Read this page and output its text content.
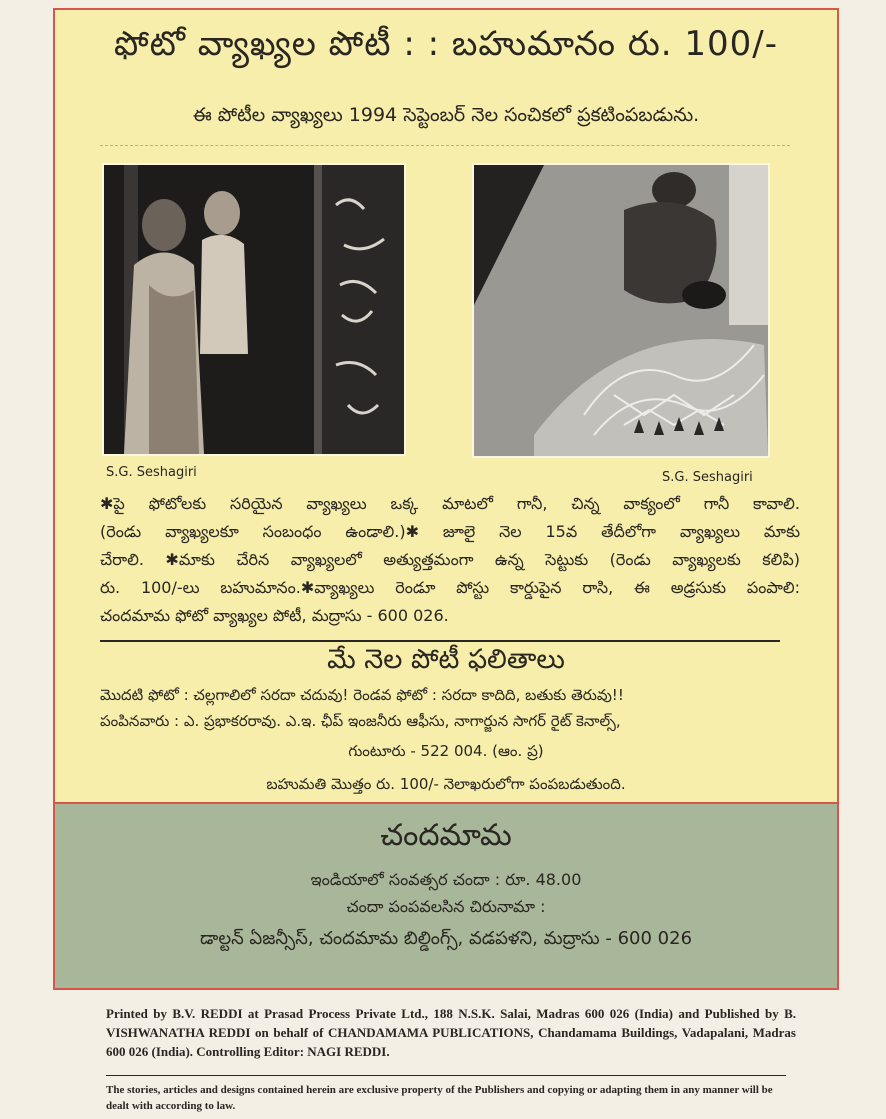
ఫోటో వ్యాఖ్యల పోటీ : : బహుమానం రు. 100/-
ఈ పోటీల వ్యాఖ్యలు 1994 సెప్టెంబర్ నెల సంచికలో ప్రకటింపబడును.
S.G. Seshagiri	S.G. Seshagiri

✱పై ఫోటోలకు సరియైన వ్యాఖ్యలు ఒక్క మాటలో గానీ, చిన్న వాక్యంలో గానీ కావాలి.

(రెండు వ్యాఖ్యలకూ సంబంధం ఉండాలి.)✱ జూలై నెల 15వ తేదీలోగా వ్యాఖ్యలు మాకు

చేరాలి. ✱మాకు చేరిన వ్యాఖ్యలలో అత్యుత్తమంగా ఉన్న సెట్టుకు (రెండు వ్యాఖ్యలకు కలిపి)

రు. 100/-లు బహుమానం.✱వ్యాఖ్యలు రెండూ పోస్టు కార్డుపైన రాసి, ఈ అడ్రసుకు పంపాలి:

చందమామ ఫోటో వ్యాఖ్యల పోటీ, మద్రాసు - 600 026.

మే నెల పోటీ ఫలితాలు
మొదటి ఫోటో : చల్లగాలిలో సరదా చదువు! రెండవ ఫోటో : సరదా కాదిది, బతుకు తెరువు!!
పంపినవారు : ఎ. ప్రభాకరరావు. ఎ.ఇ. ఛీప్ ఇంజనీరు ఆఫీసు, నాగార్జున సాగర్ రైట్ కెనాల్స్,
గుంటూరు - 522 004. (ఆం. ప్ర)
బహుమతి మొత్తం రు. 100/- నెలాఖరులోగా పంపబడుతుంది.
చందమామ
ఇండియాలో సంవత్సర చందా : రూ. 48.00
చందా పంపవలసిన చిరునామా :
డాల్టన్ ఏజన్సీస్, చందమామ బిల్డింగ్స్, వడపళని, మద్రాసు - 600 026

Printed by B.V. REDDI at Prasad Process Private Ltd., 188 N.S.K. Salai, Madras 600 026 (India) and Published by B. VISHWANATHA REDDI on behalf of CHANDAMAMA PUBLICATIONS, Chandamama Buildings, Vadapalani, Madras 600 026 (India). Controlling Editor: NAGI REDDI.

The stories, articles and designs contained herein are exclusive property of the Publishers and copying or adapting them in any manner will be dealt with according to law.
